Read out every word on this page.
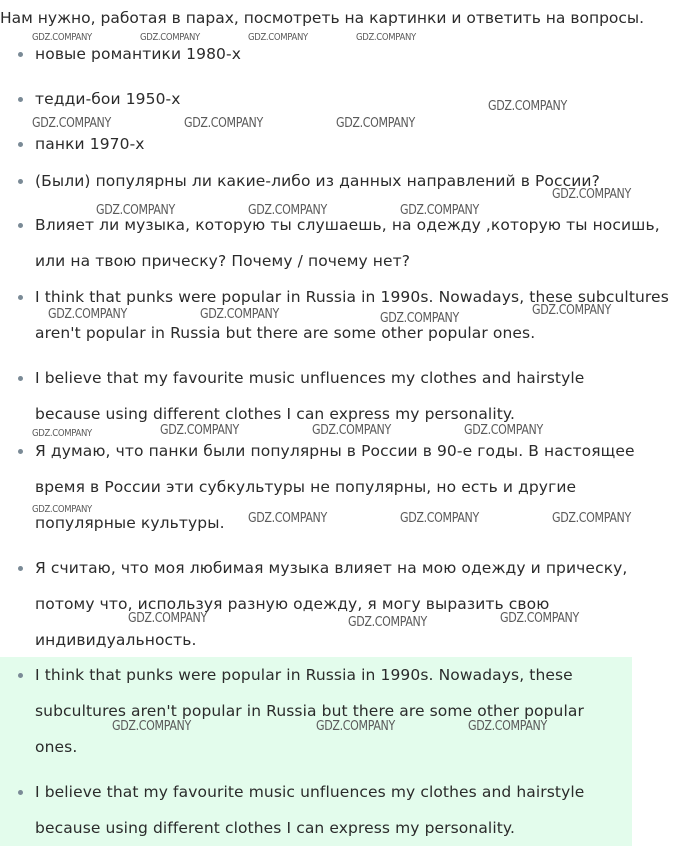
Нам нужно, работая в парах, посмотреть на картинки и ответить на вопросы.
новые романтики 1980-х
тедди-бои 1950-х
панки 1970-х
(Были) популярны ли какие-либо из данных направлений в России?
Влияет ли музыка, которую ты слушаешь, на одежду ,которую ты носишь, или на твою прическу? Почему / почему нет?
I think that punks were popular in Russia in 1990s. Nowadays, these subcultures aren't popular in Russia but there are some other popular ones.
I believe that my favourite music unfluences my clothes and hairstyle because using different clothes I can express my personality.
Я думаю, что панки были популярны в России в 90-е годы. В настоящее время в России эти субкультуры не популярны, но есть и другие популярные культуры.
Я считаю, что моя любимая музыка влияет на мою одежду и прическу, потому что, используя разную одежду, я могу выразить свою индивидуальность.
I think that punks were popular in Russia in 1990s. Nowadays, these subcultures aren't popular in Russia but there are some other popular ones.
I believe that my favourite music unfluences my clothes and hairstyle because using different clothes I can express my personality.
GDZ.COMPANY	GDZ.COMPANY	GDZ.COMPANY	GDZ.COMPANY
GDZ.COMPANY
GDZ.COMPANY	GDZ.COMPANY	GDZ.COMPANY
GDZ.COMPANY
GDZ.COMPANY	GDZ.COMPANY	GDZ.COMPANY
GDZ.COMPANY
GDZ.COMPANY	GDZ.COMPANY	GDZ.COMPANY
GDZ.COMPANY	GDZ.COMPANY	GDZ.COMPANY	GDZ.COMPANY
GDZ.COMPANY
GDZ.COMPANY	GDZ.COMPANY	GDZ.COMPANY
GDZ.COMPANY	GDZ.COMPANY	GDZ.COMPANY
GDZ.COMPANY	GDZ.COMPANY	GDZ.COMPANY
